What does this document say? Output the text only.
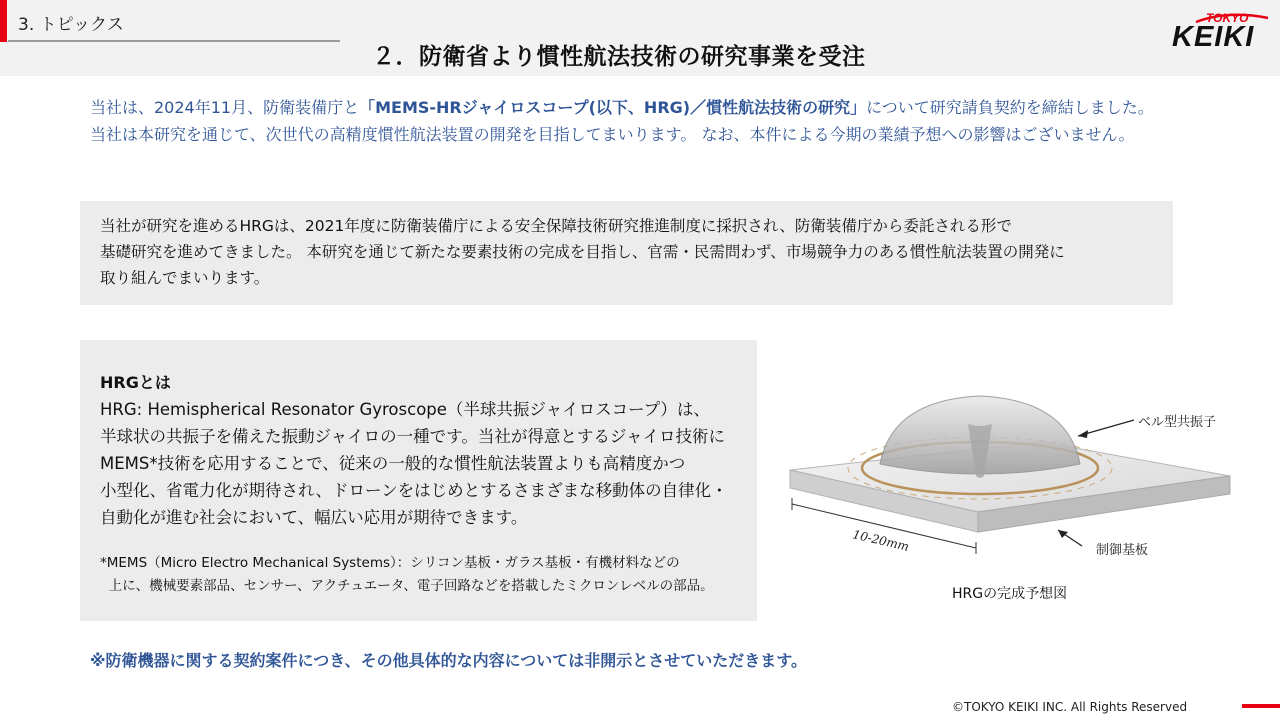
3. トピックス
２．防衛省より慣性航法技術の研究事業を受注
TOKYO
KEIKI
当社は、2024年11月、防衛装備庁と「MEMS-HRジャイロスコープ(以下、HRG)／慣性航法技術の研究」について研究請負契約を締結しました。
当社は本研究を通じて、次世代の高精度慣性航法装置の開発を目指してまいります。 なお、本件による今期の業績予想への影響はございません。

当社が研究を進めるHRGは、2021年度に防衛装備庁による安全保障技術研究推進制度に採択され、防衛装備庁から委託される形で
基礎研究を進めてきました。 本研究を通じて新たな要素技術の完成を目指し、官需・民需問わず、市場競争力のある慣性航法装置の開発に
取り組んでまいります。

HRGとは
HRG: Hemispherical Resonator Gyroscope（半球共振ジャイロスコープ）は、
半球状の共振子を備えた振動ジャイロの一種です。当社が得意とするジャイロ技術に
MEMS*技術を応用することで、従来の一般的な慣性航法装置よりも高精度かつ
小型化、省電力化が期待され、ドローンをはじめとするさまざまな移動体の自律化・
自動化が進む社会において、幅広い応用が期待できます。
*MEMS（Micro Electro Mechanical Systems）：シリコン基板・ガラス基板・有機材料などの
上に、機械要素部品、センサー、アクチュエータ、電子回路などを搭載したミクロンレベルの部品。
ベル型共振子
制御基板
10-20mm
HRGの完成予想図
※防衛機器に関する契約案件につき、その他具体的な内容については非開示とさせていただきます。
©TOKYO KEIKI INC. All Rights Reserved
